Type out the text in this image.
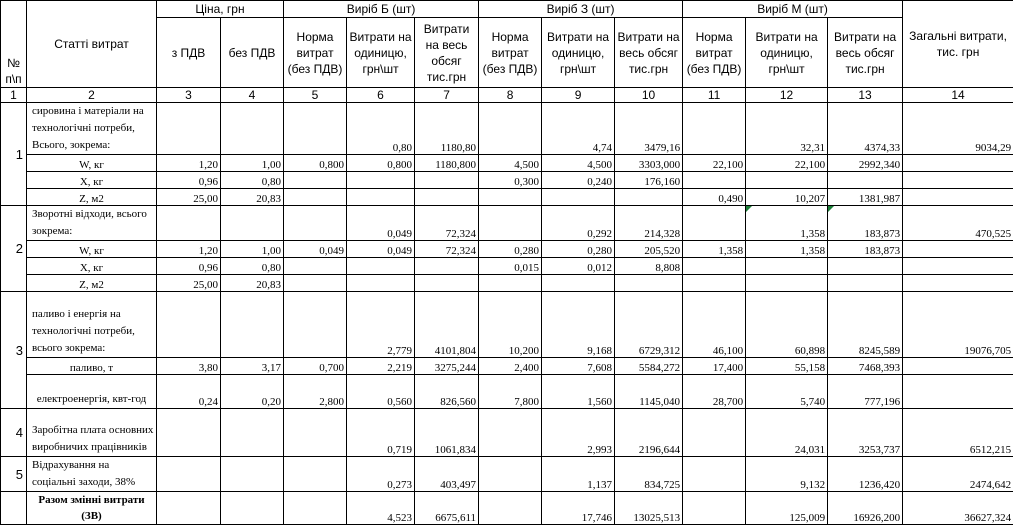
№ п\п	Статті витрат	Ціна, грн		Виріб Б (шт)			Виріб З (шт)			Виріб М (шт)			Загальні витрати, тис. грн
		з ПДВ	без ПДВ	Норма витрат (без ПДВ)	Витрати на одиницю, грн\шт	Витрати на весь обсяг тис.грн	Норма витрат (без ПДВ)	Витрати на одиницю, грн\шт	Витрати на весь обсяг тис.грн	Норма витрат (без ПДВ)	Витрати на одиницю, грн\шт	Витрати на весь обсяг тис.грн	
1	2	3	4	5	6	7	8	9	10	11	12	13	14
1	сировина і матеріали на технологічні потреби, Всього, зокрема:				0,80	1180,80		4,74	3479,16		32,31	4374,33	9034,29
	W, кг	1,20	1,00	0,800	0,800	1180,800	4,500	4,500	3303,000	22,100	22,100	2992,340	
	X, кг	0,96	0,80				0,300	0,240	176,160				
	Z, м2	25,00	20,83							0,490	10,207	1381,987	
2	Зворотні відходи, всього зокрема:				0,049	72,324		0,292	214,328		1,358	183,873	470,525
	W, кг	1,20	1,00	0,049	0,049	72,324	0,280	0,280	205,520	1,358	1,358	183,873	
	X, кг	0,96	0,80				0,015	0,012	8,808				
	Z, м2	25,00	20,83										
3	паливо і енергія на технологічні потреби, всього зокрема:				2,779	4101,804	10,200	9,168	6729,312	46,100	60,898	8245,589	19076,705
	паливо, т	3,80	3,17	0,700	2,219	3275,244	2,400	7,608	5584,272	17,400	55,158	7468,393	
	електроенергія, квт-год	0,24	0,20	2,800	0,560	826,560	7,800	1,560	1145,040	28,700	5,740	777,196	
4	Заробітна плата основних виробничих працівників				0,719	1061,834		2,993	2196,644		24,031	3253,737	6512,215
5	Відрахування на соціальні заходи, 38%				0,273	403,497		1,137	834,725		9,132	1236,420	2474,642
	Разом змінні витрати (ЗВ)				4,523	6675,611		17,746	13025,513		125,009	16926,200	36627,324
